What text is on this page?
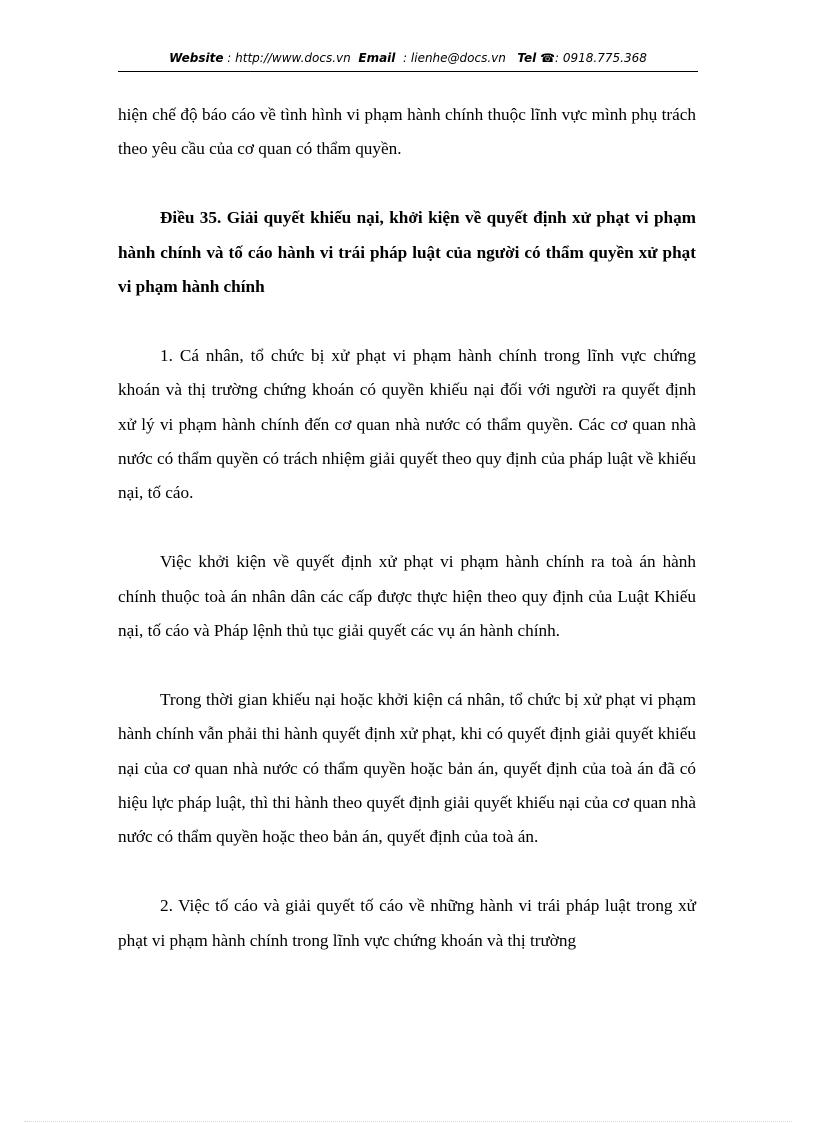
Website : http://www.docs.vn Email : lienhe@docs.vn Tel ☎: 0918.775.368

hiện chế độ báo cáo về tình hình vi phạm hành chính thuộc lĩnh vực mình phụ trách theo yêu cầu của cơ quan có thẩm quyền.

Điều 35. Giải quyết khiếu nại, khởi kiện về quyết định xử phạt vi phạm hành chính và tố cáo hành vi trái pháp luật của người có thẩm quyền xử phạt vi phạm hành chính

1. Cá nhân, tổ chức bị xử phạt vi phạm hành chính trong lĩnh vực chứng khoán và thị trường chứng khoán có quyền khiếu nại đối với người ra quyết định xử lý vi phạm hành chính đến cơ quan nhà nước có thẩm quyền. Các cơ quan nhà nước có thẩm quyền có trách nhiệm giải quyết theo quy định của pháp luật về khiếu nại, tố cáo.

Việc khởi kiện về quyết định xử phạt vi phạm hành chính ra toà án hành chính thuộc toà án nhân dân các cấp được thực hiện theo quy định của Luật Khiếu nại, tố cáo và Pháp lệnh thủ tục giải quyết các vụ án hành chính.

Trong thời gian khiếu nại hoặc khởi kiện cá nhân, tổ chức bị xử phạt vi phạm hành chính vẫn phải thi hành quyết định xử phạt, khi có quyết định giải quyết khiếu nại của cơ quan nhà nước có thẩm quyền hoặc bản án, quyết định của toà án đã có hiệu lực pháp luật, thì thi hành theo quyết định giải quyết khiếu nại của cơ quan nhà nước có thẩm quyền hoặc theo bản án, quyết định của toà án.

2. Việc tố cáo và giải quyết tố cáo về những hành vi trái pháp luật trong xử phạt vi phạm hành chính trong lĩnh vực chứng khoán và thị trường
